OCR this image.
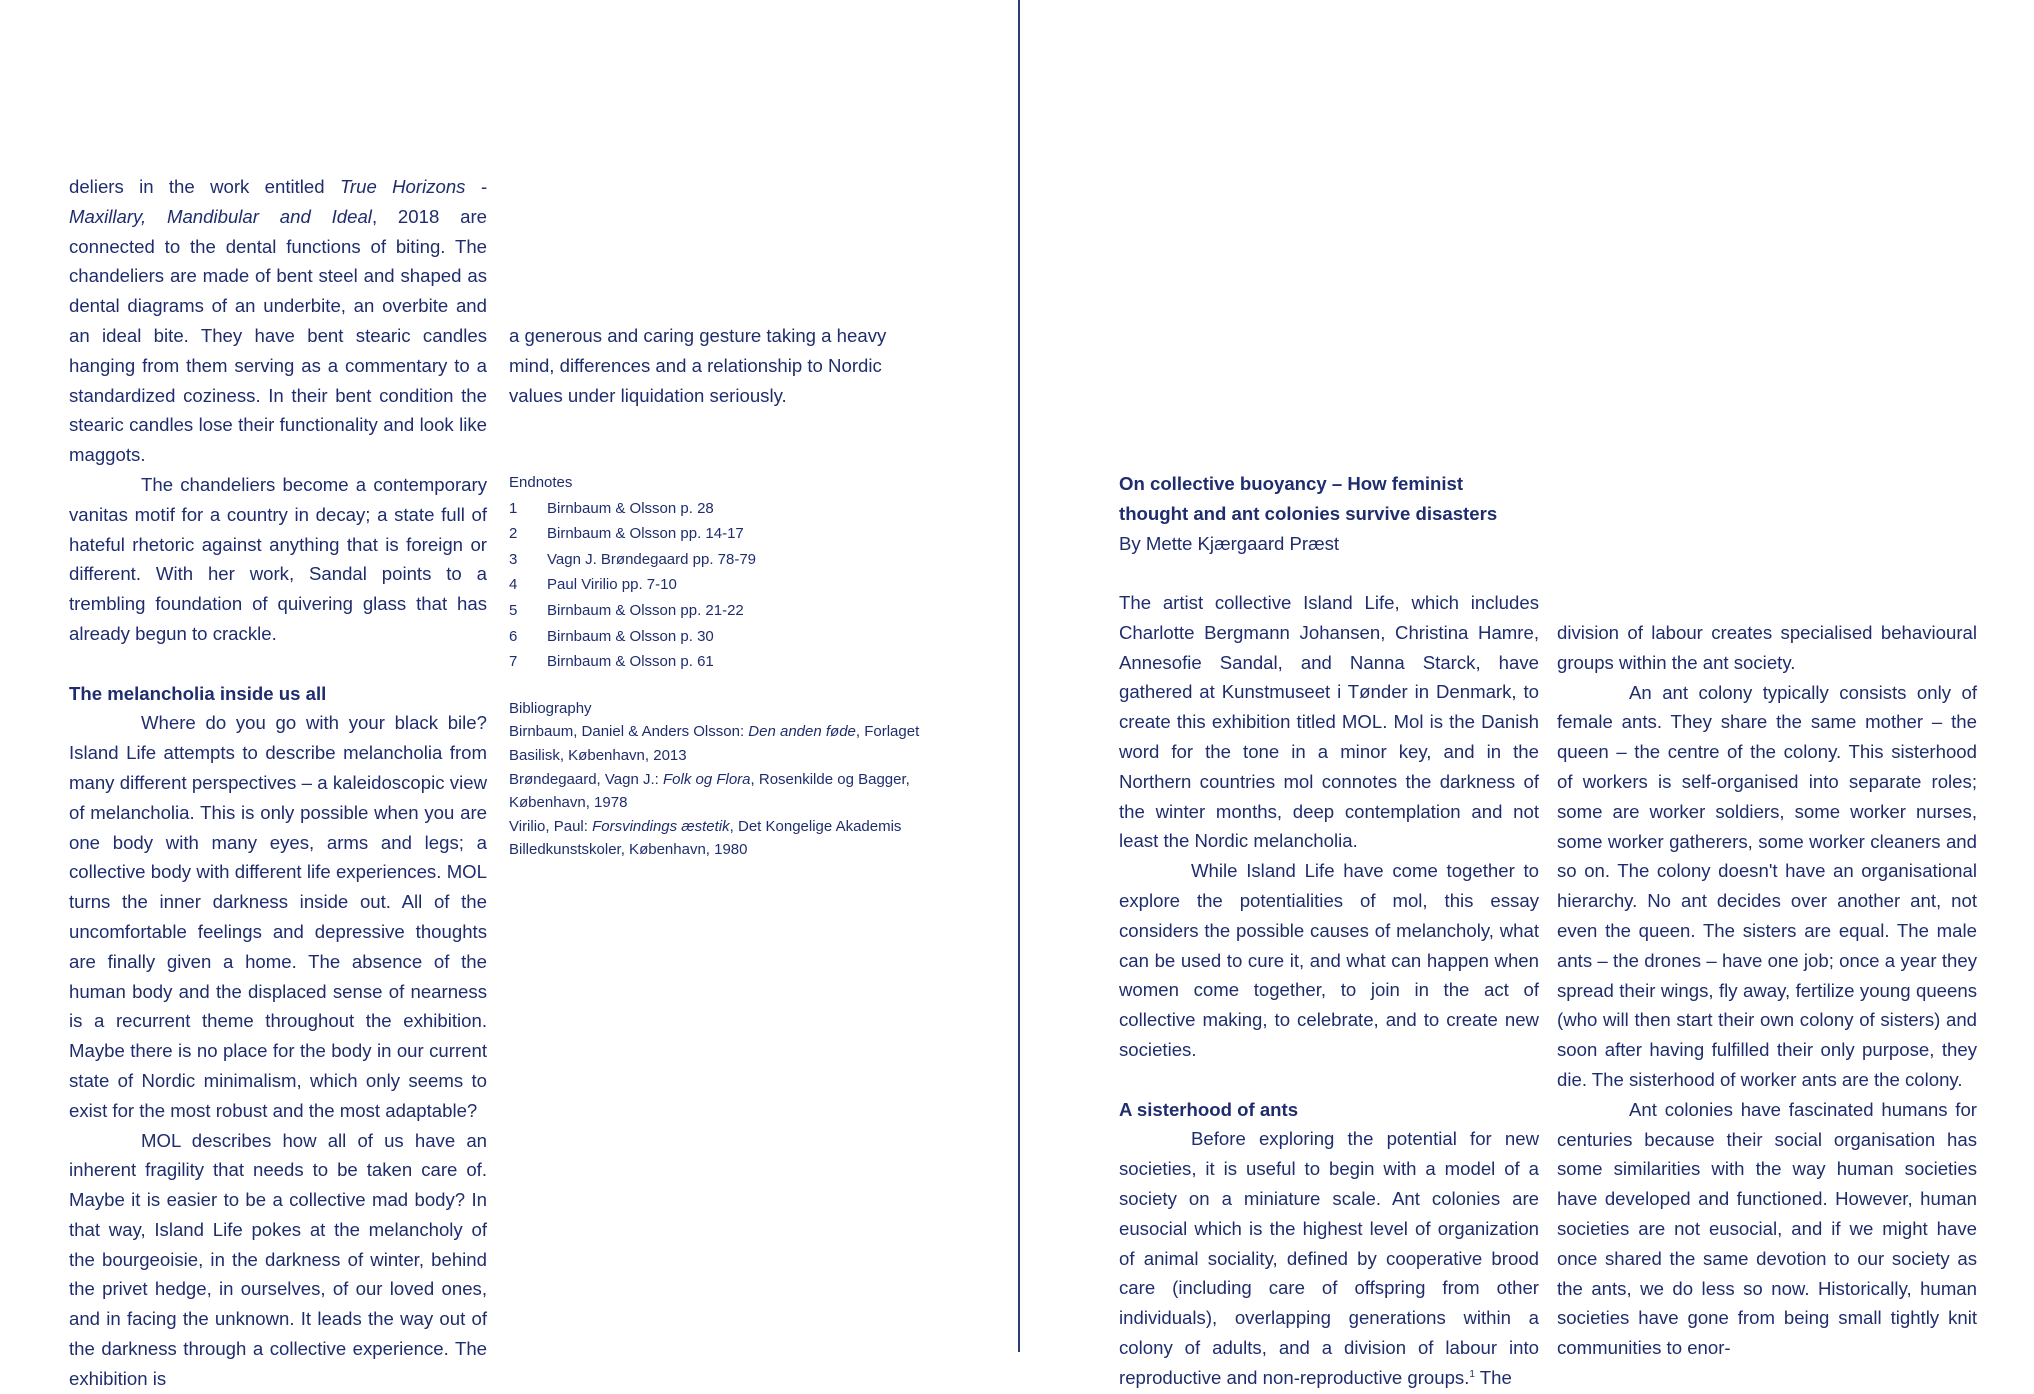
deliers in the work entitled True Horizons - Maxillary, Mandibular and Ideal, 2018 are connected to the dental functions of biting. The chandeliers are made of bent steel and shaped as dental diagrams of an underbite, an overbite and an ideal bite. They have bent stearic candles hanging from them serving as a commentary to a standardized coziness. In their bent condition the stearic candles lose their functionality and look like maggots.

The chandeliers become a contemporary vanitas motif for a country in decay; a state full of hateful rhetoric against anything that is foreign or different. With her work, Sandal points to a trembling foundation of quivering glass that has already begun to crackle.

The melancholia inside us all

Where do you go with your black bile? Island Life attempts to describe melancholia from many different perspectives – a kaleidoscopic view of melancholia. This is only possible when you are one body with many eyes, arms and legs; a collective body with different life experiences. MOL turns the inner darkness inside out. All of the uncomfortable feelings and depressive thoughts are finally given a home. The absence of the human body and the displaced sense of nearness is a recurrent theme throughout the exhibition. Maybe there is no place for the body in our current state of Nordic minimalism, which only seems to exist for the most robust and the most adaptable?

MOL describes how all of us have an inherent fragility that needs to be taken care of. Maybe it is easier to be a collective mad body? In that way, Island Life pokes at the melancholy of the bourgeoisie, in the darkness of winter, behind the privet hedge, in ourselves, of our loved ones, and in facing the unknown. It leads the way out of the darkness through a collective experience. The exhibition is

a generous and caring gesture taking a heavy mind, differences and a relationship to Nordic values under liquidation seriously.

Endnotes
1	Birnbaum & Olsson p. 28
2	Birnbaum & Olsson pp. 14-17
3	Vagn J. Brøndegaard pp. 78-79
4	Paul Virilio pp. 7-10
5	Birnbaum & Olsson pp. 21-22
6	Birnbaum & Olsson p. 30
7	Birnbaum & Olsson p. 61
Bibliography
Birnbaum, Daniel & Anders Olsson: Den anden føde, Forlaget Basilisk, København, 2013
Brøndegaard, Vagn J.: Folk og Flora, Rosenkilde og Bagger, København, 1978
Virilio, Paul: Forsvindings æstetik, Det Kongelige Akademis Billedkunstskoler, København, 1980
On collective buoyancy – How feminist
thought and ant colonies survive disasters
By Mette Kjærgaard Præst

The artist collective Island Life, which includes Charlotte Bergmann Johansen, Christina Hamre, Annesofie Sandal, and Nanna Starck, have gathered at Kunstmuseet i Tønder in Denmark, to create this exhibition titled MOL. Mol is the Danish word for the tone in a minor key, and in the Northern countries mol connotes the darkness of the winter months, deep contemplation and not least the Nordic melancholia.

While Island Life have come together to explore the potentialities of mol, this essay considers the possible causes of melancholy, what can be used to cure it, and what can happen when women come together, to join in the act of collective making, to celebrate, and to create new societies.

A sisterhood of ants

Before exploring the potential for new societies, it is useful to begin with a model of a society on a miniature scale. Ant colonies are eusocial which is the highest level of organization of animal sociality, defined by cooperative brood care (including care of offspring from other individuals), overlapping generations within a colony of adults, and a division of labour into reproductive and non-reproductive groups.$^1$ The

division of labour creates specialised behavioural groups within the ant society.

An ant colony typically consists only of female ants. They share the same mother – the queen – the centre of the colony. This sisterhood of workers is self-organised into separate roles; some are worker soldiers, some worker nurses, some worker gatherers, some worker cleaners and so on. The colony doesn't have an organisational hierarchy. No ant decides over another ant, not even the queen. The sisters are equal. The male ants – the drones – have one job; once a year they spread their wings, fly away, fertilize young queens (who will then start their own colony of sisters) and soon after having fulfilled their only purpose, they die. The sisterhood of worker ants are the colony.

Ant colonies have fascinated humans for centuries because their social organisation has some similarities with the way human societies have developed and functioned. However, human societies are not eusocial, and if we might have once shared the same devotion to our society as the ants, we do less so now. Historically, human societies have gone from being small tightly knit communities to enor-
